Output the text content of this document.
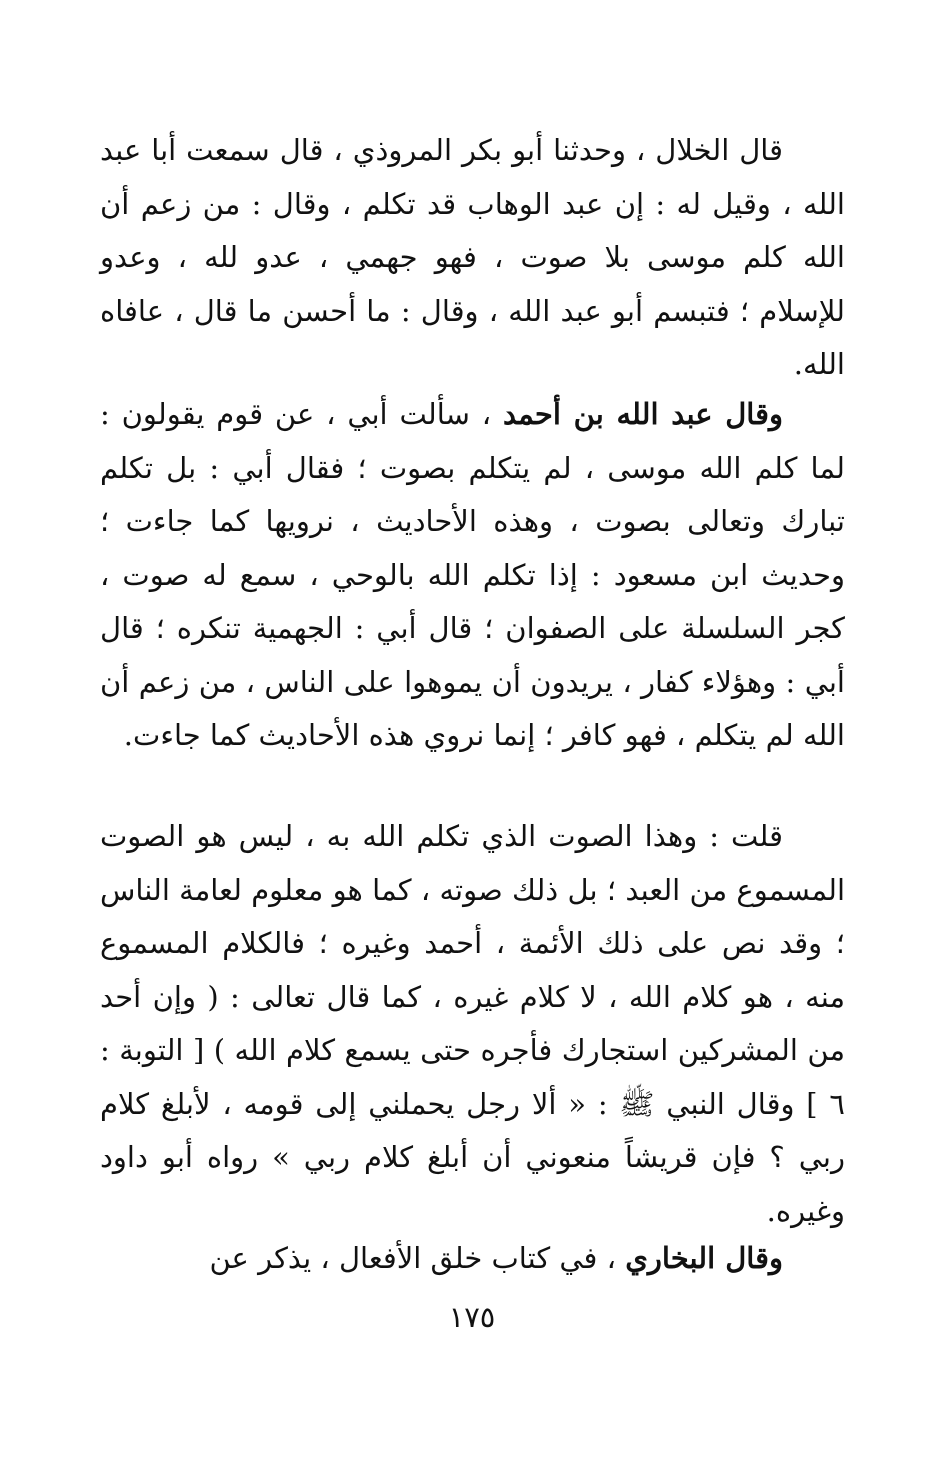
قال الخلال ، وحدثنا أبو بكر المروذي ، قال سمعت أبا عبد الله ، وقيل له : إن عبد الوهاب قد تكلم ، وقال : من زعم أن الله كلم موسى بلا صوت ، فهو جهمي ، عدو لله ، وعدو للإسلام ؛ فتبسم أبو عبد الله ، وقال : ما أحسن ما قال ، عافاه الله.

وقال عبد الله بن أحمد ، سألت أبي ، عن قوم يقولون : لما كلم الله موسى ، لم يتكلم بصوت ؛ فقال أبي : بل تكلم تبارك وتعالى بصوت ، وهذه الأحاديث ، نرويها كما جاءت ؛ وحديث ابن مسعود : إذا تكلم الله بالوحي ، سمع له صوت ، كجر السلسلة على الصفوان ؛ قال أبي : الجهمية تنكره ؛ قال أبي : وهؤلاء كفار ، يريدون أن يموهوا على الناس ، من زعم أن الله لم يتكلم ، فهو كافر ؛ إنما نروي هذه الأحاديث كما جاءت.

قلت : وهذا الصوت الذي تكلم الله به ، ليس هو الصوت المسموع من العبد ؛ بل ذلك صوته ، كما هو معلوم لعامة الناس ؛ وقد نص على ذلك الأئمة ، أحمد وغيره ؛ فالكلام المسموع منه ، هو كلام الله ، لا كلام غيره ، كما قال تعالى : ( وإن أحد من المشركين استجارك فأجره حتى يسمع كلام الله ) [ التوبة : ٦ ] وقال النبي ﷺ : « ألا رجل يحملني إلى قومه ، لأبلغ كلام ربي ؟ فإن قريشاً منعوني أن أبلغ كلام ربي » رواه أبو داود وغيره.

وقال البخاري ، في كتاب خلق الأفعال ، يذكر عن

١٧٥
